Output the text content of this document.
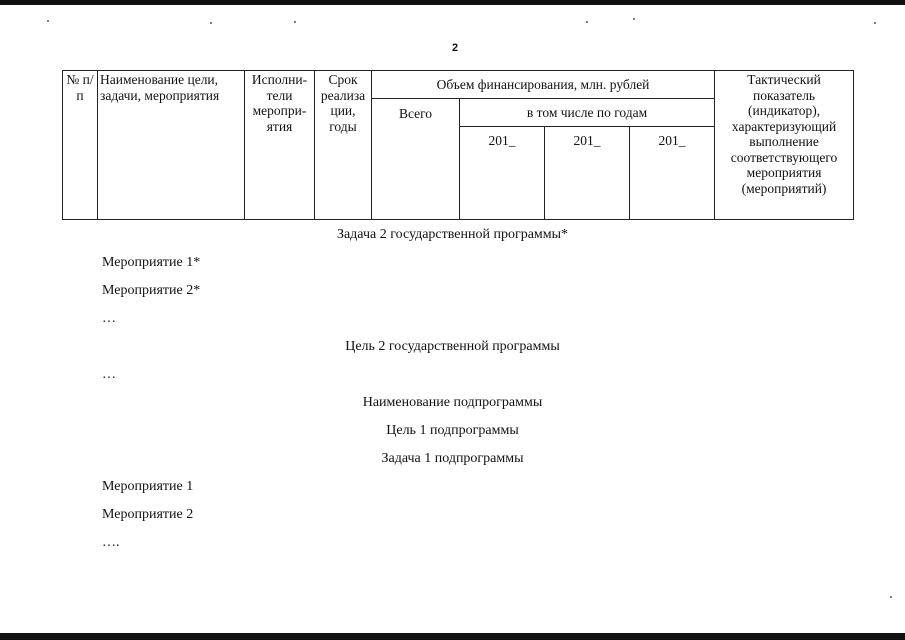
2
№ п/п	Наименование цели, задачи, мероприятия	Исполни-тели меропри-ятия	Срок реализа ции, годы	Объем финансирования, млн. рублей				Тактический показатель (индикатор), характеризующий выполнение соответствующего мероприятия (мероприятий)
				Всего	в том числе по годам			
					201_	201_	201_	
Задача 2 государственной программы*
Мероприятие 1*
Мероприятие 2*
…
Цель 2 государственной программы
…
Наименование подпрограммы
Цель 1 подпрограммы
Задача 1 подпрограммы
Мероприятие 1
Мероприятие 2
….
